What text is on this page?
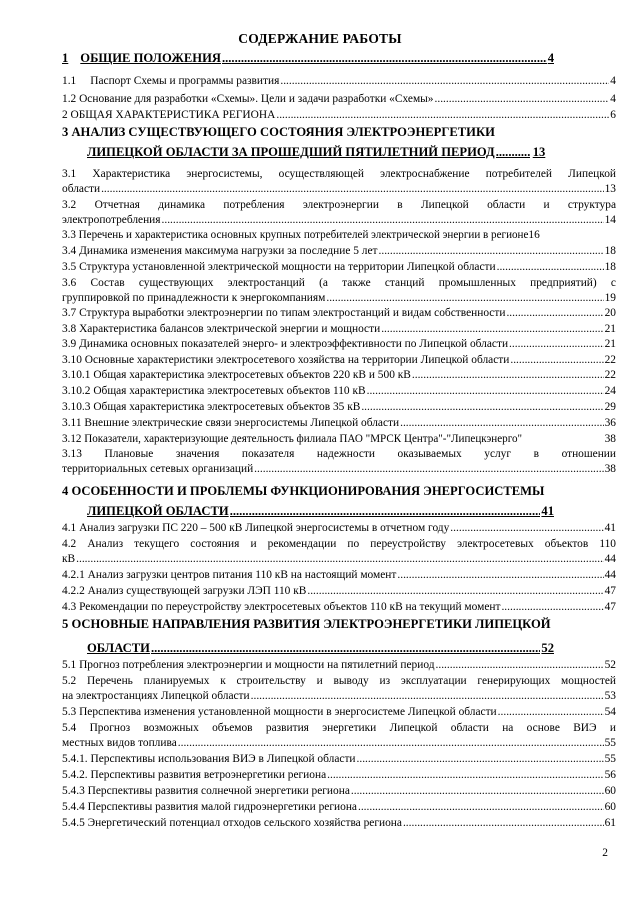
СОДЕРЖАНИЕ РАБОТЫ
1 ОБЩИЕ ПОЛОЖЕНИЯ .....	4
1.1 Паспорт Схемы и программы развития .....	4
1.2 Основание для разработки «Схемы». Цели и задачи разработки «Схемы» .....	4
2 ОБЩАЯ ХАРАКТЕРИСТИКА РЕГИОНА .....	6
3 АНАЛИЗ СУЩЕСТВУЮЩЕГО СОСТОЯНИЯ ЭЛЕКТРОЭНЕРГЕТИКИ
ЛИПЕЦКОЙ ОБЛАСТИ ЗА ПРОШЕДШИЙ ПЯТИЛЕТНИЙ ПЕРИОД .....	13
3.1 Характеристика энергосистемы, осуществляющей электроснабжение потребителей Липецкой
области .....	13
3.2 Отчетная динамика потребления электроэнергии в Липецкой области и структура
электропотребления .....	14
3.3 Перечень и характеристика основных крупных потребителей электрической энергии в регионе 16
3.4 Динамика изменения максимума нагрузки за последние 5 лет .....	18
3.5 Структура установленной электрической мощности на территории Липецкой области .....	18
3.6 Состав существующих электростанций (а также станций промышленных предприятий) с
группировкой по принадлежности к энергокомпаниям .....	19
3.7 Структура выработки электроэнергии по типам электростанций и видам собственности .....	20
3.8 Характеристика балансов электрической энергии и мощности .....	21
3.9 Динамика основных показателей энерго- и электроэффективности по Липецкой области .....	21
3.10 Основные характеристики электросетевого хозяйства на территории Липецкой области .....	22
3.10.1 Общая характеристика электросетевых объектов 220 кВ и 500 кВ .....	22
3.10.2 Общая характеристика электросетевых объектов 110 кВ .....	24
3.10.3 Общая характеристика электросетевых объектов 35 кВ .....	29
3.11 Внешние электрические связи энергосистемы Липецкой области .....	36
3.12 Показатели, характеризующие деятельность филиала ПАО "МРСК Центра"-"Липецкэнерго"	38
3.13 Плановые значения показателя надежности оказываемых услуг в отношении
территориальных сетевых организаций .....	38
4 ОСОБЕННОСТИ И ПРОБЛЕМЫ ФУНКЦИОНИРОВАНИЯ ЭНЕРГОСИСТЕМЫ
ЛИПЕЦКОЙ ОБЛАСТИ .....	41
4.1 Анализ загрузки ПС 220 – 500 кВ Липецкой энергосистемы в отчетном году .....	41
4.2 Анализ текущего состояния и рекомендации по переустройству электросетевых объектов 110
кВ .....	44
4.2.1 Анализ загрузки центров питания 110 кВ на настоящий момент .....	44
4.2.2 Анализ существующей загрузки ЛЭП 110 кВ .....	47
4.3 Рекомендации по переустройству электросетевых объектов 110 кВ на текущий момент .....	47
5 ОСНОВНЫЕ НАПРАВЛЕНИЯ РАЗВИТИЯ ЭЛЕКТРОЭНЕРГЕТИКИ ЛИПЕЦКОЙ
ОБЛАСТИ .....	52
5.1 Прогноз потребления электроэнергии и мощности на пятилетний период .....	52
5.2 Перечень планируемых к строительству и выводу из эксплуатации генерирующих мощностей
на электростанциях Липецкой области .....	53
5.3 Перспектива изменения установленной мощности в энергосистеме Липецкой области .....	54
5.4 Прогноз возможных объемов развития энергетики Липецкой области на основе ВИЭ и
местных видов топлива .....	55
5.4.1. Перспективы использования ВИЭ в Липецкой области .....	55
5.4.2. Перспективы развития ветроэнергетики региона .....	56
5.4.3 Перспективы развития солнечной энергетики региона .....	60
5.4.4 Перспективы развития малой гидроэнергетики региона .....	60
5.4.5 Энергетический потенциал отходов сельского хозяйства региона .....	61
2
